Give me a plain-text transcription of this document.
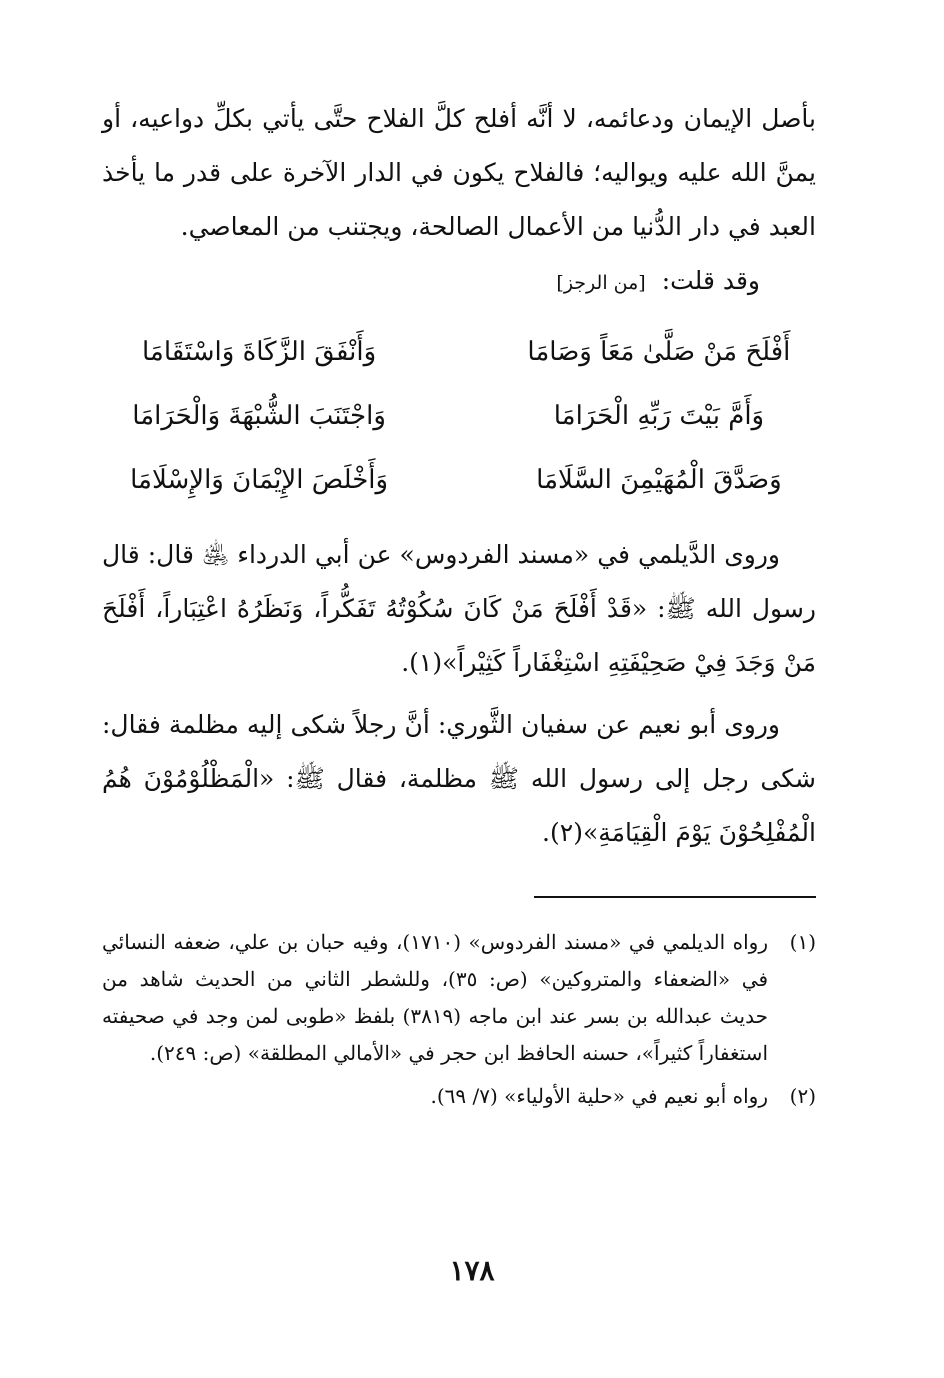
بأصل الإيمان ودعائمه، لا أنَّه أفلح كلَّ الفلاح حتَّى يأتي بكلِّ دواعيه، أو يمنَّ الله عليه ويواليه؛ فالفلاح يكون في الدار الآخرة على قدر ما يأخذ العبد في دار الدُّنيا من الأعمال الصالحة، ويجتنب من المعاصي.

وقد قلت:
[من الرجز]
أَفْلَحَ مَنْ صَلَّىٰ مَعَاً وَصَامَا
وَأَنْفَقَ الزَّكَاةَ وَاسْتَقَامَا
وَأَمَّ بَيْتَ رَبِّهِ الْحَرَامَا
وَاجْتَنَبَ الشُّبْهَةَ وَالْحَرَامَا
وَصَدَّقَ الْمُهَيْمِنَ السَّلَامَا
وَأَخْلَصَ الإِيْمَانَ وَالإِسْلَامَا

وروى الدَّيلمي في «مسند الفردوس» عن أبي الدرداء ﵁ قال: قال رسول الله ﷺ: «قَدْ أَفْلَحَ مَنْ كَانَ سُكُوْتُهُ تَفَكُّراً، وَنَظَرُهُ اعْتِبَاراً، أَفْلَحَ مَنْ وَجَدَ فِيْ صَحِيْفَتِهِ اسْتِغْفَاراً كَثِيْراً»(١).

وروى أبو نعيم عن سفيان الثَّوري: أنَّ رجلاً شكى إليه مظلمة فقال: شكى رجل إلى رسول الله ﷺ مظلمة، فقال ﷺ: «الْمَظْلُوْمُوْنَ هُمُ الْمُفْلِحُوْنَ يَوْمَ الْقِيَامَةِ»(٢).

(١)
رواه الديلمي في «مسند الفردوس» (١٧١٠)، وفيه حبان بن علي، ضعفه النسائي في «الضعفاء والمتروكين» (ص: ٣٥)، وللشطر الثاني من الحديث شاهد من حديث عبدالله بن بسر عند ابن ماجه (٣٨١٩) بلفظ «طوبى لمن وجد في صحيفته استغفاراً كثيراً»، حسنه الحافظ ابن حجر في «الأمالي المطلقة» (ص: ٢٤٩).
(٢)
رواه أبو نعيم في «حلية الأولياء» (٧/ ٦٩).
١٧٨
